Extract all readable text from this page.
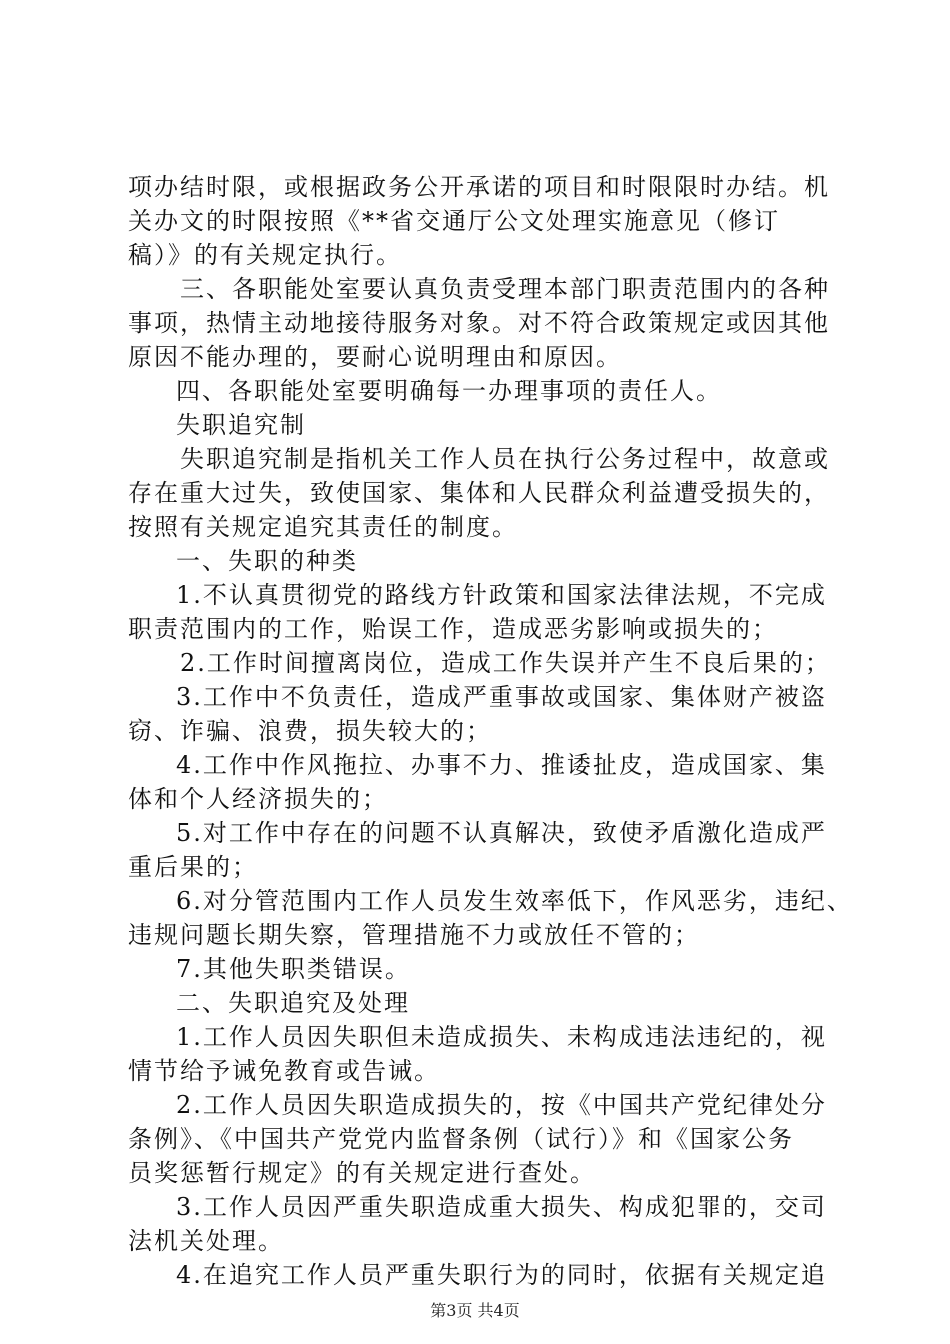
项办结时限，或根据政务公开承诺的项目和时限限时办结。机
关办文的时限按照《**省交通厅公文处理实施意见（修订
稿）》的有关规定执行。
三、各职能处室要认真负责受理本部门职责范围内的各种
事项，热情主动地接待服务对象。对不符合政策规定或因其他
原因不能办理的，要耐心说明理由和原因。
四、各职能处室要明确每一办理事项的责任人。
失职追究制
失职追究制是指机关工作人员在执行公务过程中，故意或
存在重大过失，致使国家、集体和人民群众利益遭受损失的，
按照有关规定追究其责任的制度。
一、失职的种类
1.不认真贯彻党的路线方针政策和国家法律法规，不完成
职责范围内的工作，贻误工作，造成恶劣影响或损失的；
2.工作时间擅离岗位，造成工作失误并产生不良后果的；
3.工作中不负责任，造成严重事故或国家、集体财产被盗
窃、诈骗、浪费，损失较大的；
4.工作中作风拖拉、办事不力、推诿扯皮，造成国家、集
体和个人经济损失的；
5.对工作中存在的问题不认真解决，致使矛盾激化造成严
重后果的；
6.对分管范围内工作人员发生效率低下，作风恶劣，违纪、
违规问题长期失察，管理措施不力或放任不管的；
7.其他失职类错误。
二、失职追究及处理
1.工作人员因失职但未造成损失、未构成违法违纪的，视
情节给予诫免教育或告诫。
2.工作人员因失职造成损失的，按《中国共产党纪律处分
条例》、《中国共产党党内监督条例（试行）》和《国家公务
员奖惩暂行规定》的有关规定进行查处。
3.工作人员因严重失职造成重大损失、构成犯罪的，交司
法机关处理。
4.在追究工作人员严重失职行为的同时，依据有关规定追
第3页 共4页
